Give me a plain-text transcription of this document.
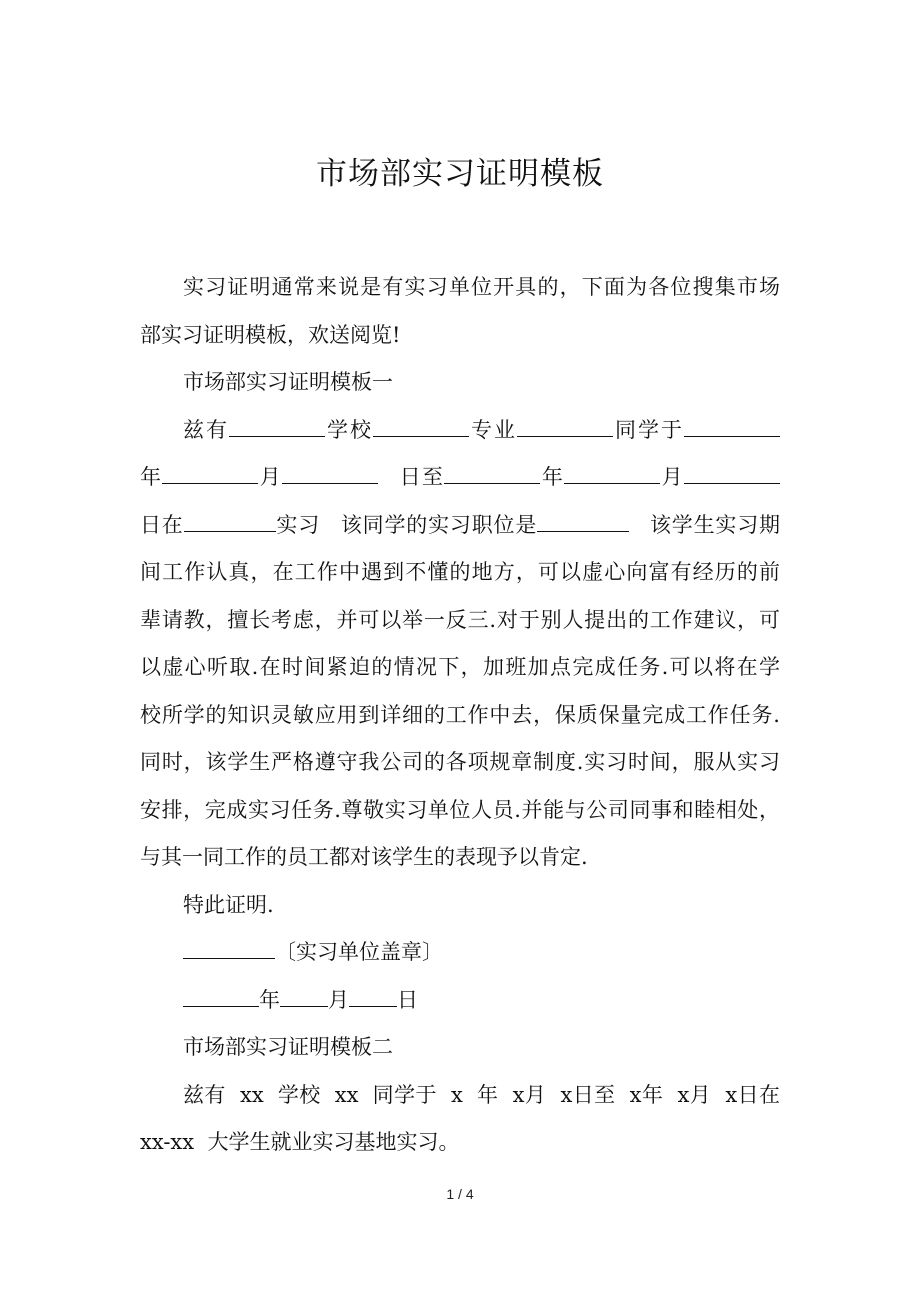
市场部实习证明模板
实习证明通常来说是有实习单位开具的，下面为各位搜集市场
部实习证明模板，欢送阅览!
市场部实习证明模板一
兹有	学校	专业	同学于
年	月	日至	年	月
日在	实习 该同学的实习职位是	该学生实习期
间工作认真，在工作中遇到不懂的地方，可以虚心向富有经历的前
辈请教，擅长考虑，并可以举一反三.对于别人提出的工作建议，可
以虚心听取.在时间紧迫的情况下，加班加点完成任务.可以将在学
校所学的知识灵敏应用到详细的工作中去，保质保量完成工作任务.
同时，该学生严格遵守我公司的各项规章制度.实习时间，服从实习
安排，完成实习任务.尊敬实习单位人员.并能与公司同事和睦相处，
与其一同工作的员工都对该学生的表现予以肯定.
特此证明.
〔实习单位盖章〕
年 月 日
市场部实习证明模板二
兹有  xx  学校  xx  同学于  x  年  x月  x日至  x年  x月  x日在
xx-xx  大学生就业实习基地实习。
1 / 4
